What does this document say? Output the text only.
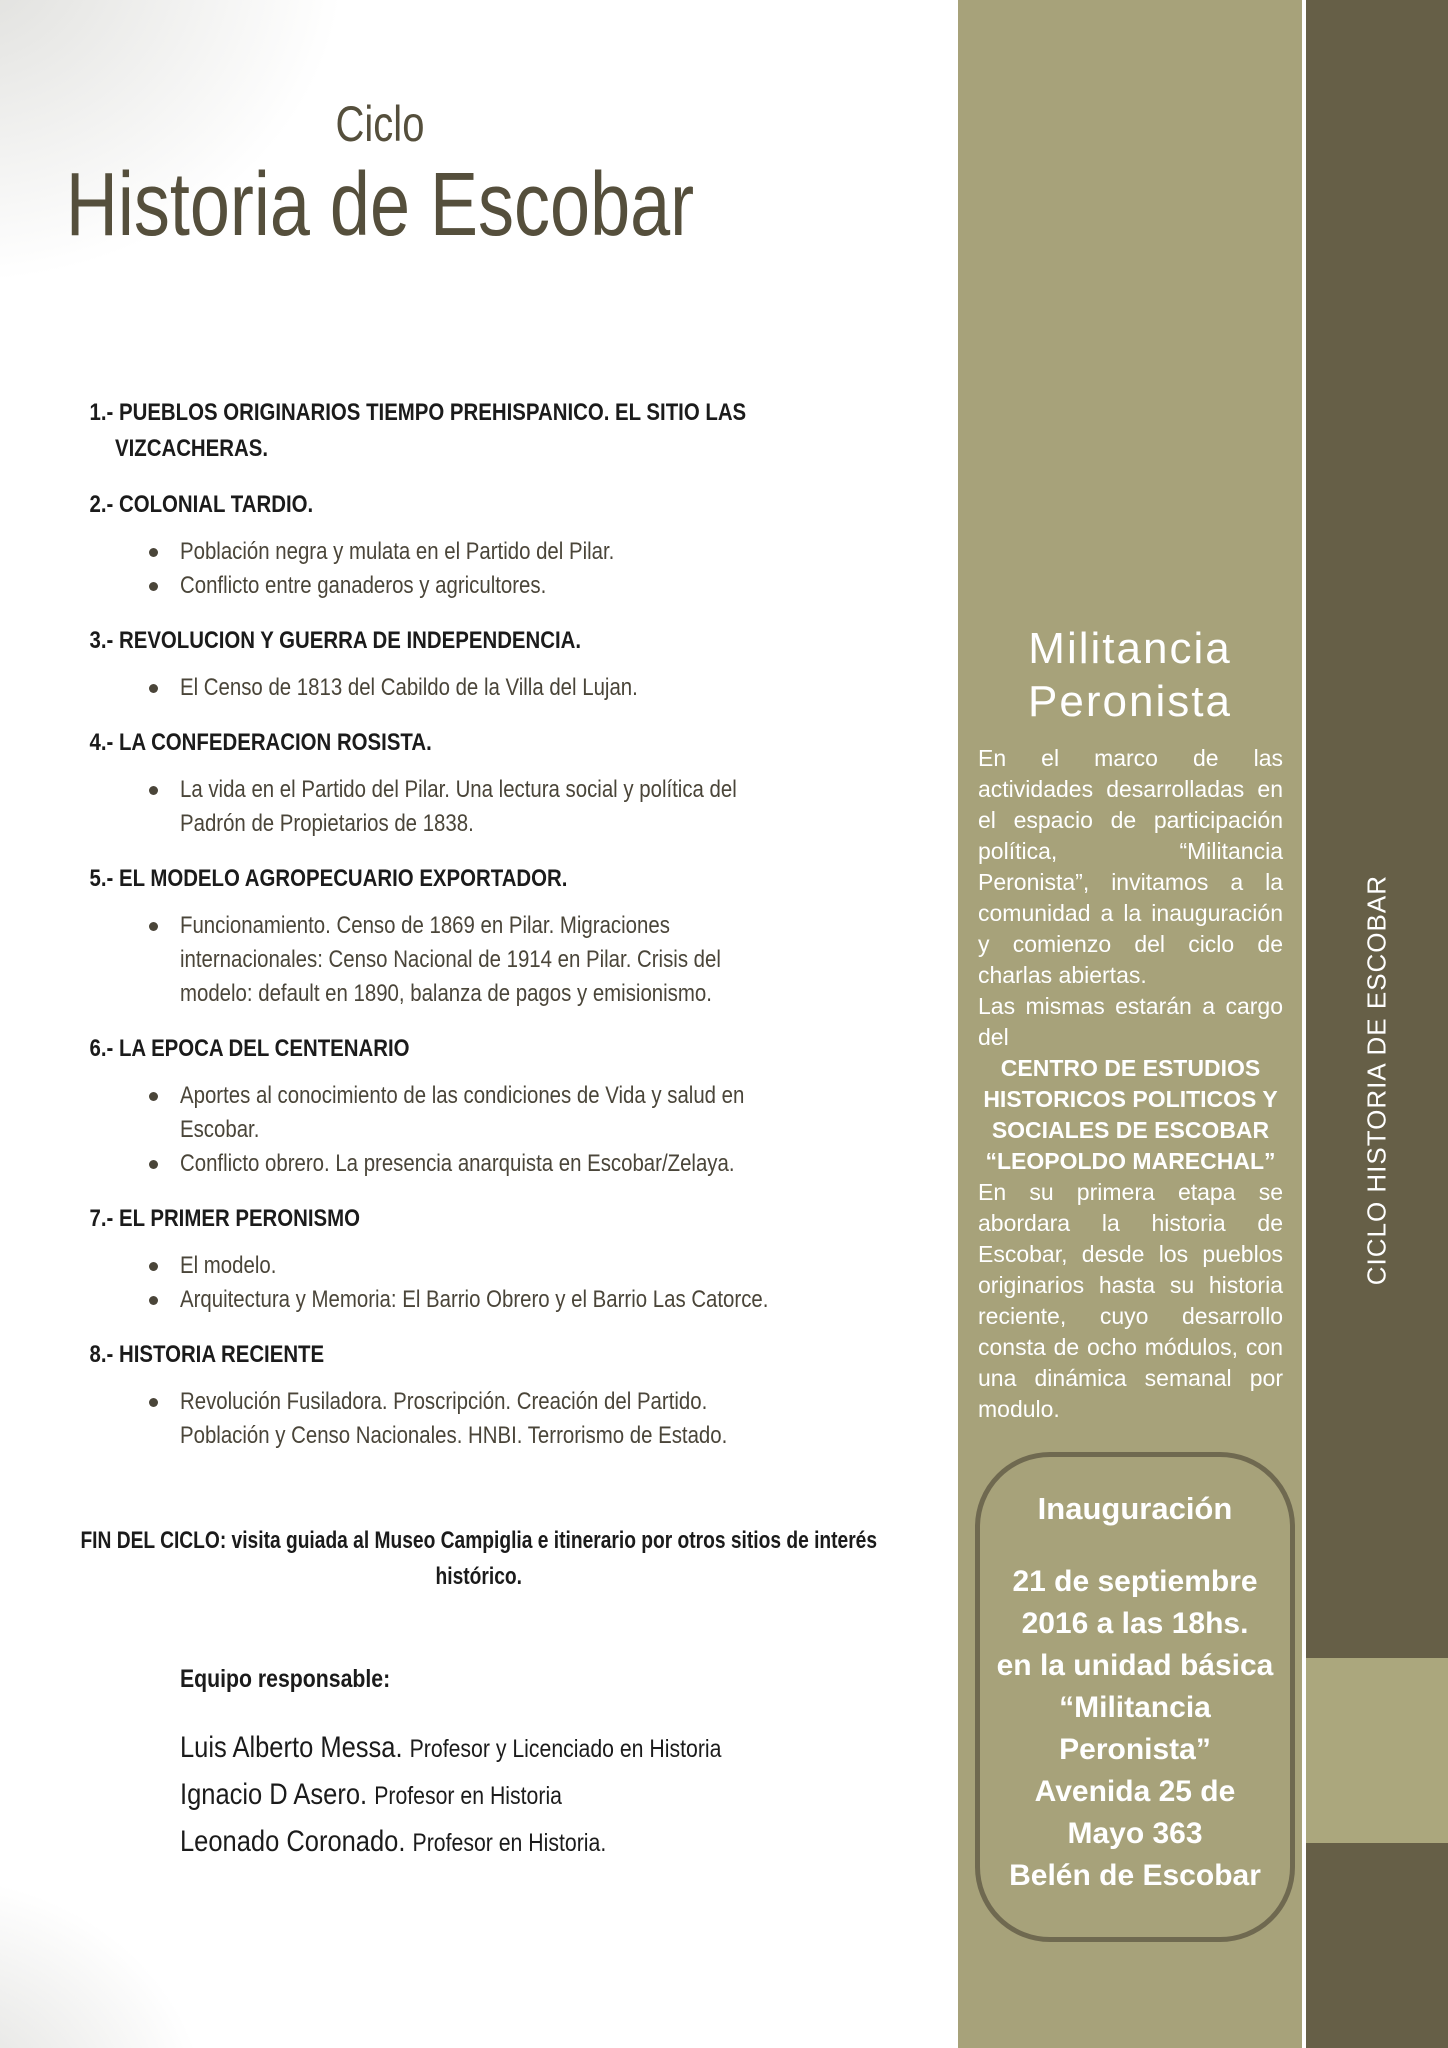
Ciclo
Historia de Escobar
1.- PUEBLOS ORIGINARIOS TIEMPO PREHISPANICO. EL SITIO LAS VIZCACHERAS.
2.- COLONIAL TARDIO.
Población negra y mulata en el Partido del Pilar.
Conflicto entre ganaderos y agricultores.
3.- REVOLUCION Y GUERRA DE INDEPENDENCIA.
El Censo de 1813 del Cabildo de la Villa del Lujan.
4.- LA CONFEDERACION ROSISTA.
La vida en el Partido del Pilar. Una lectura social y política del Padrón de Propietarios de 1838.
5.- EL MODELO AGROPECUARIO EXPORTADOR.
Funcionamiento. Censo de 1869 en Pilar. Migraciones internacionales: Censo Nacional de 1914 en Pilar. Crisis del modelo: default en 1890, balanza de pagos y emisionismo.
6.- LA EPOCA DEL CENTENARIO
Aportes al conocimiento de las condiciones de Vida y salud en Escobar.
Conflicto obrero. La presencia anarquista en Escobar/Zelaya.
7.- EL PRIMER PERONISMO
El modelo.
Arquitectura y Memoria: El Barrio Obrero y el Barrio Las Catorce.
8.- HISTORIA RECIENTE
Revolución Fusiladora. Proscripción. Creación del Partido. Población y Censo Nacionales. HNBI. Terrorismo de Estado.
FIN DEL CICLO: visita guiada al Museo Campiglia e itinerario por otros sitios de interés histórico.
Equipo responsable:
Luis Alberto Messa. Profesor y Licenciado en Historia
Ignacio D Asero. Profesor en Historia
Leonado Coronado. Profesor en Historia.
Militancia Peronista

En el marco de las actividades desarrolladas en el espacio de participación política, “Militancia Peronista”, invitamos a la comunidad a la inauguración y comienzo del ciclo de charlas abiertas.

Las mismas estarán a cargo del

CENTRO DE ESTUDIOS
HISTORICOS POLITICOS Y
SOCIALES DE ESCOBAR
“LEOPOLDO MARECHAL”

En su primera etapa se abordara la historia de Escobar, desde los pueblos originarios hasta su historia reciente, cuyo desarrollo consta de ocho módulos, con una dinámica semanal por modulo.

Inauguración
21 de septiembre
2016 a las 18hs.
en la unidad básica
“Militancia
Peronista”
Avenida 25 de
Mayo 363
Belén de Escobar
CICLO HISTORIA DE ESCOBAR
